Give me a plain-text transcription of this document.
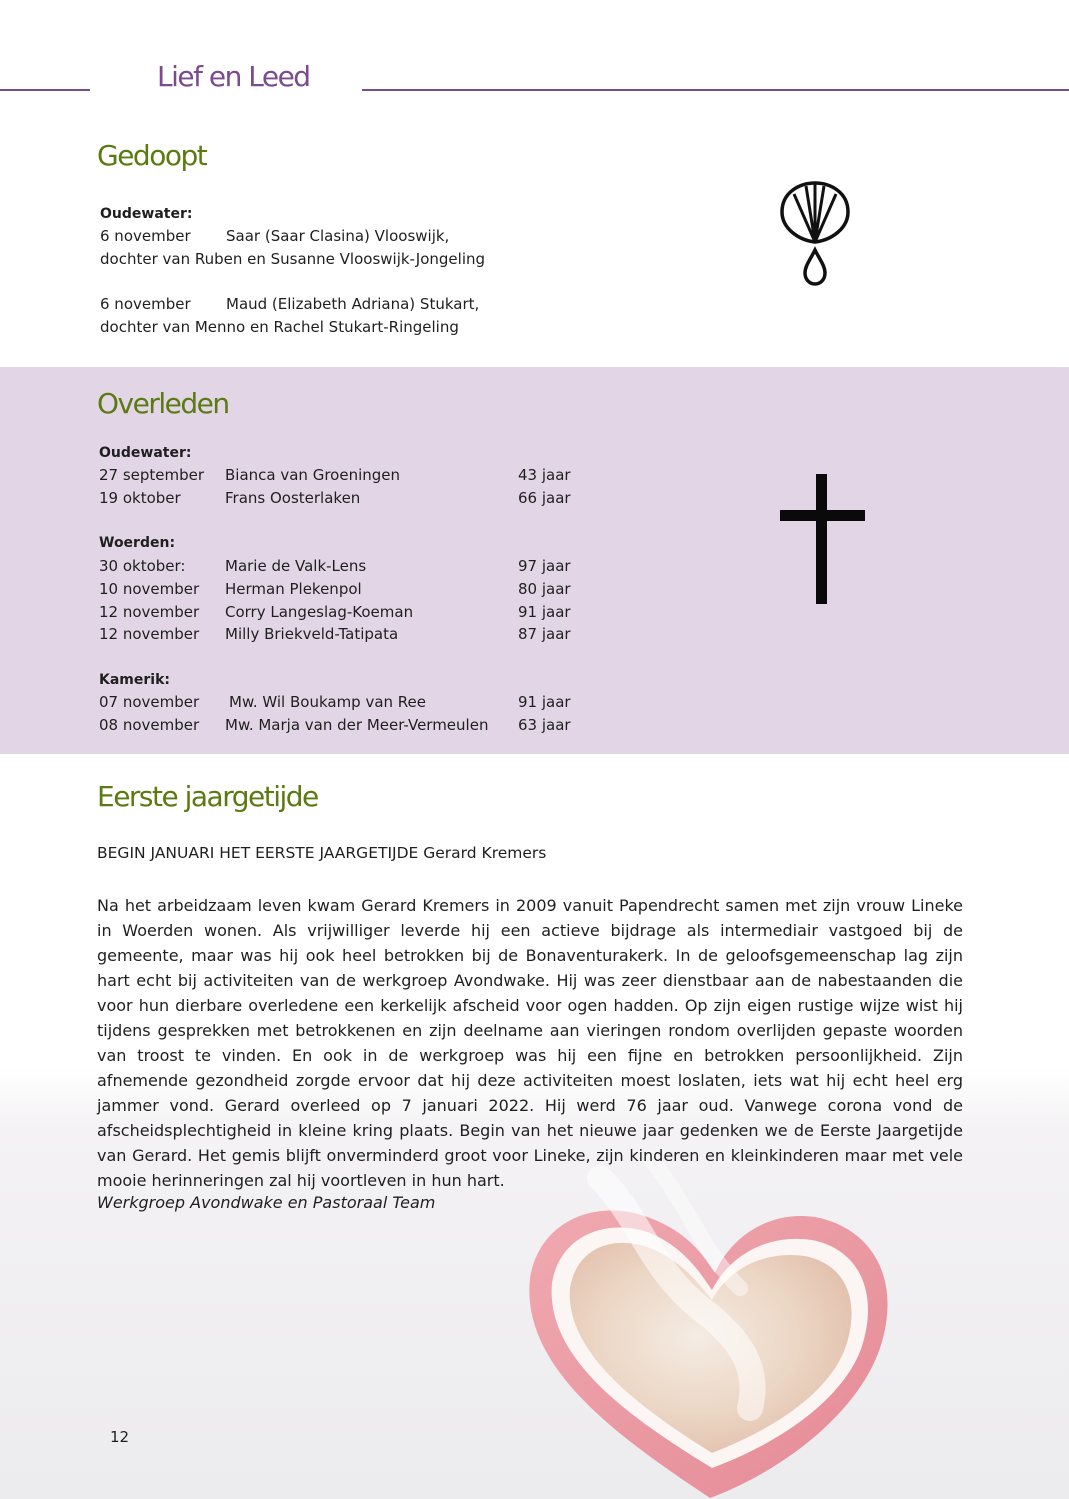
Lief en Leed
Gedoopt
Oudewater:
6 november Saar (Saar Clasina) Vlooswijk,
dochter van Ruben en Susanne Vlooswijk-Jongeling
6 november Maud (Elizabeth Adriana) Stukart,
dochter van Menno en Rachel Stukart-Ringeling
Overleden
Oudewater:
27 september Bianca van Groeningen	43 jaar
19 oktober	Frans Oosterlaken	66 jaar
Woerden:
30 oktober:	Marie de Valk-Lens	97 jaar
10 november Herman Plekenpol	80 jaar
12 november Corry Langeslag-Koeman	91 jaar
12 november Milly Briekveld-Tatipata	87 jaar
Kamerik:
07 november Mw. Wil Boukamp van Ree	91 jaar
08 november Mw. Marja van der Meer-Vermeulen 63 jaar
Eerste jaargetijde
BEGIN JANUARI HET EERSTE JAARGETIJDE Gerard Kremers
Na het arbeidzaam leven kwam Gerard Kremers in 2009 vanuit Papendrecht samen met zijn vrouw Lineke in Woerden wonen. Als vrijwilliger leverde hij een actieve bijdrage als intermediair vastgoed bij de gemeente, maar was hij ook heel betrokken bij de Bonaventurakerk. In de geloofsgemeenschap lag zijn hart echt bij activiteiten van de werkgroep Avondwake. Hij was zeer dienstbaar aan de nabestaanden die voor hun dierbare overledene een kerkelijk afscheid voor ogen hadden. Op zijn eigen rustige wijze wist hij tijdens gesprekken met betrokkenen en zijn deelname aan vieringen rondom overlijden gepaste woorden van troost te vinden. En ook in de werkgroep was hij een fijne en betrokken persoonlijkheid. Zijn afnemende gezondheid zorgde ervoor dat hij deze activiteiten moest loslaten, iets wat hij echt heel erg jammer vond. Gerard overleed op 7 januari 2022. Hij werd 76 jaar oud. Vanwege corona vond de afscheidsplechtigheid in kleine kring plaats. Begin van het nieuwe jaar gedenken we de Eerste Jaargetijde van Gerard. Het gemis blijft onverminderd groot voor Lineke, zijn kinderen en kleinkinderen maar met vele mooie herinneringen zal hij voortleven in hun hart.
Werkgroep Avondwake en Pastoraal Team
12
